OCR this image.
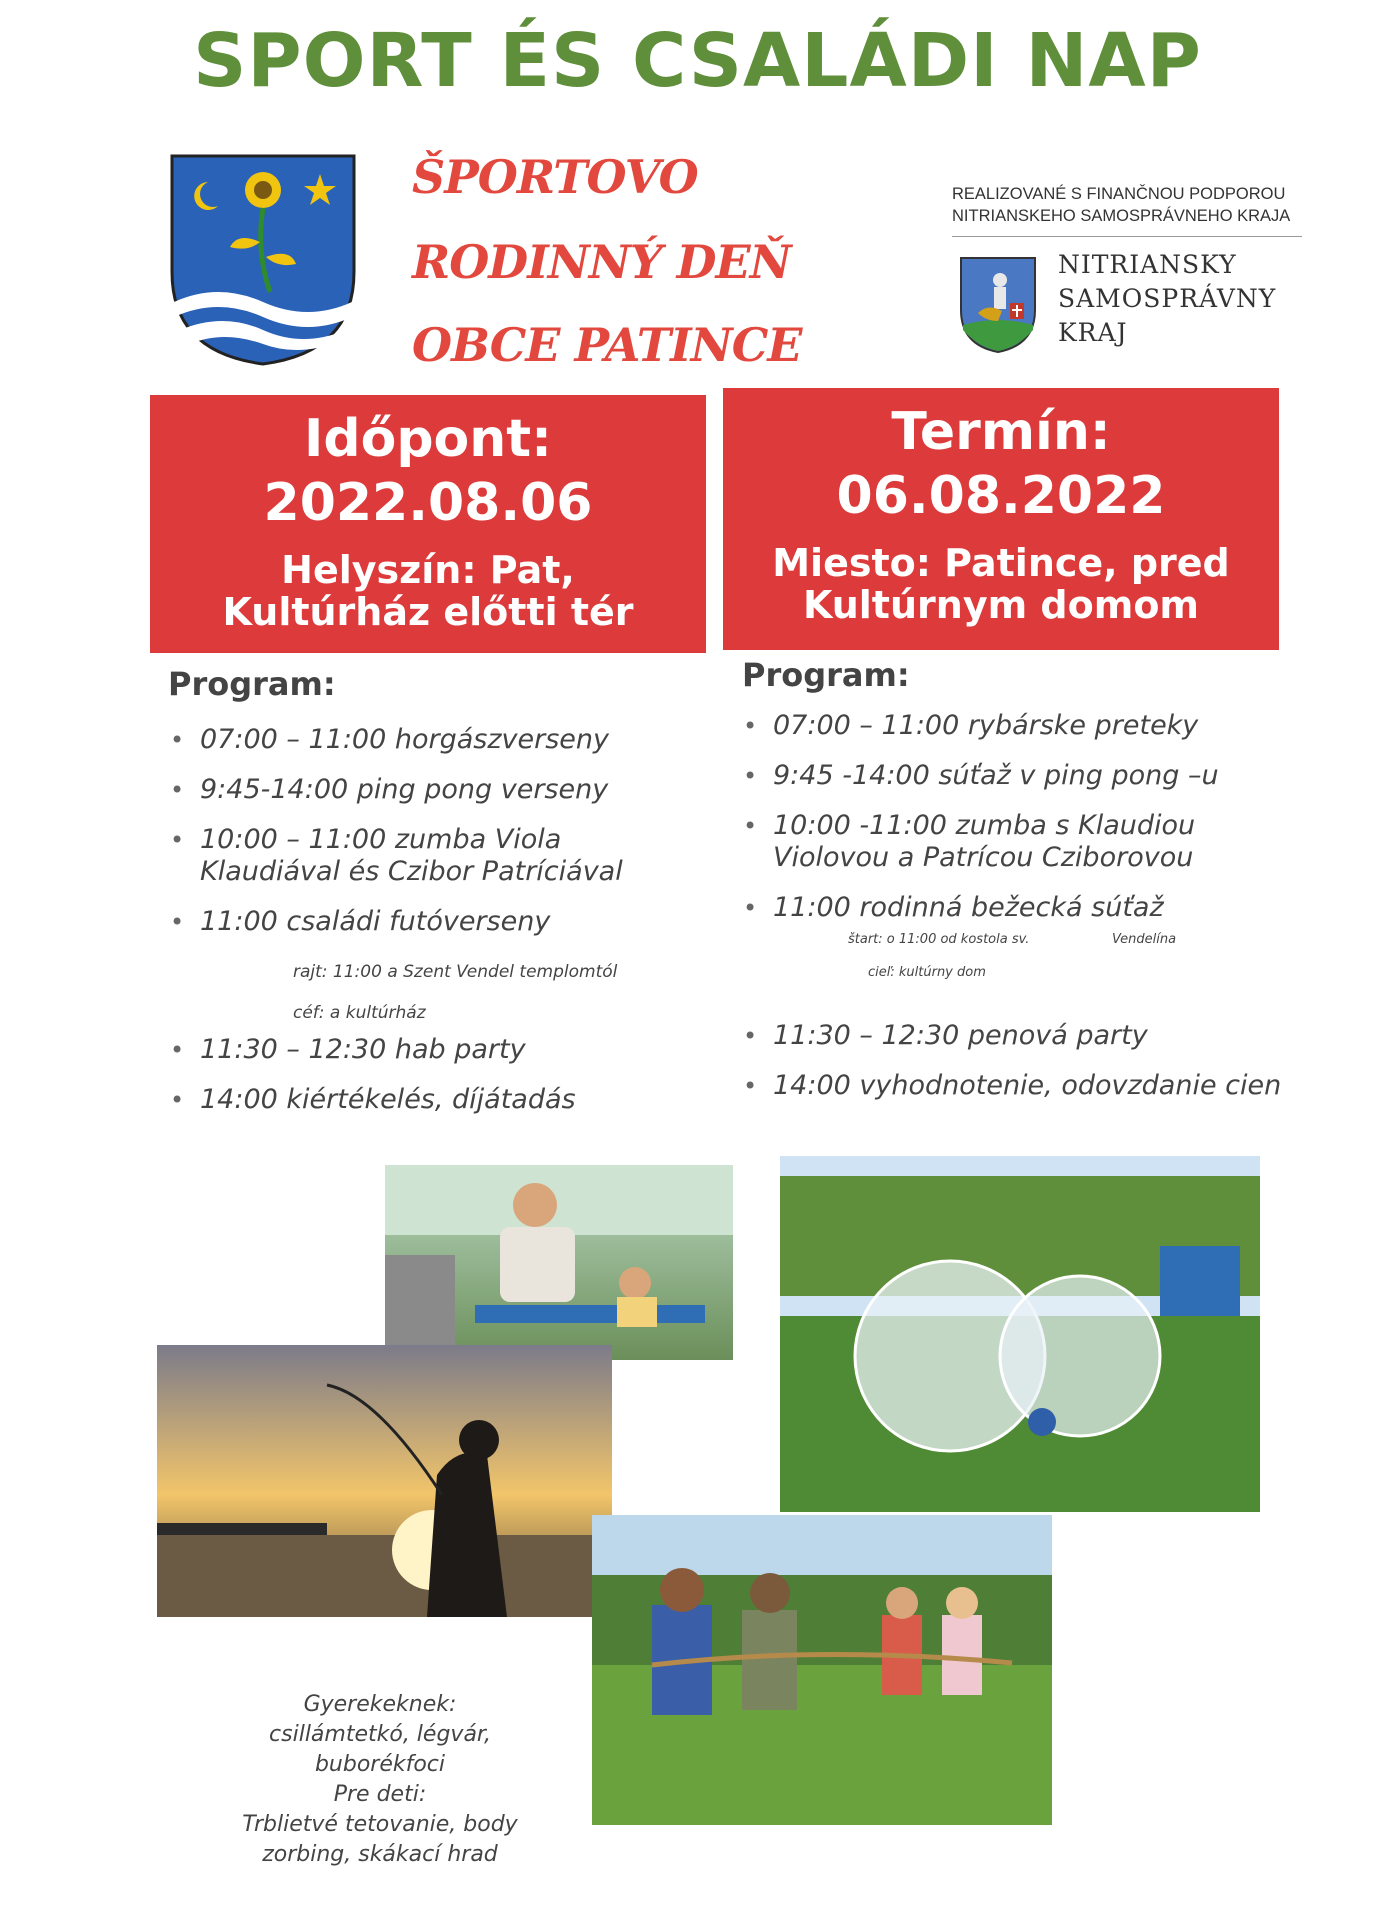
SPORT ÉS CSALÁDI NAP
ŠPORTOVO
RODINNÝ DEŇ
OBCE PATINCE
REALIZOVANÉ S FINANČNOU PODPOROU
NITRIANSKEHO SAMOSPRÁVNEHO KRAJA
NITRIANSKY
SAMOSPRÁVNY
KRAJ
Időpont:
2022.08.06
Helyszín: Pat, Kultúrház előtti tér
Termín:
06.08.2022
Miesto: Patince, pred Kultúrnym domom
Program:
• 07:00 – 11:00 horgászverseny
• 9:45-14:00 ping pong verseny
• 10:00 – 11:00 zumba Viola Klaudiával és Czibor Patríciával
• 11:00 családi futóverseny
• 11:30 – 12:30 hab party
• 14:00 kiértékelés, díjátadás
rajt: 11:00 a Szent Vendel templomtól
céf: a kultúrház
Program:
• 07:00 – 11:00 rybárske preteky
• 9:45 -14:00 súťaž v ping pong –u
• 10:00 -11:00 zumba s Klaudiou Violovou a Patrícou Cziborovou
• 11:00 rodinná bežecká súťaž
• 11:30 – 12:30 penová party
• 14:00 vyhodnotenie, odovzdanie cien
štart: o 11:00 od kostola sv.	Vendelína
cieľ: kultúrny dom
Gyerekeknek:
csillámtetkó, légvár,
buborékfoci
Pre deti:
Trblietvé tetovanie, body
zorbing, skákací hrad
